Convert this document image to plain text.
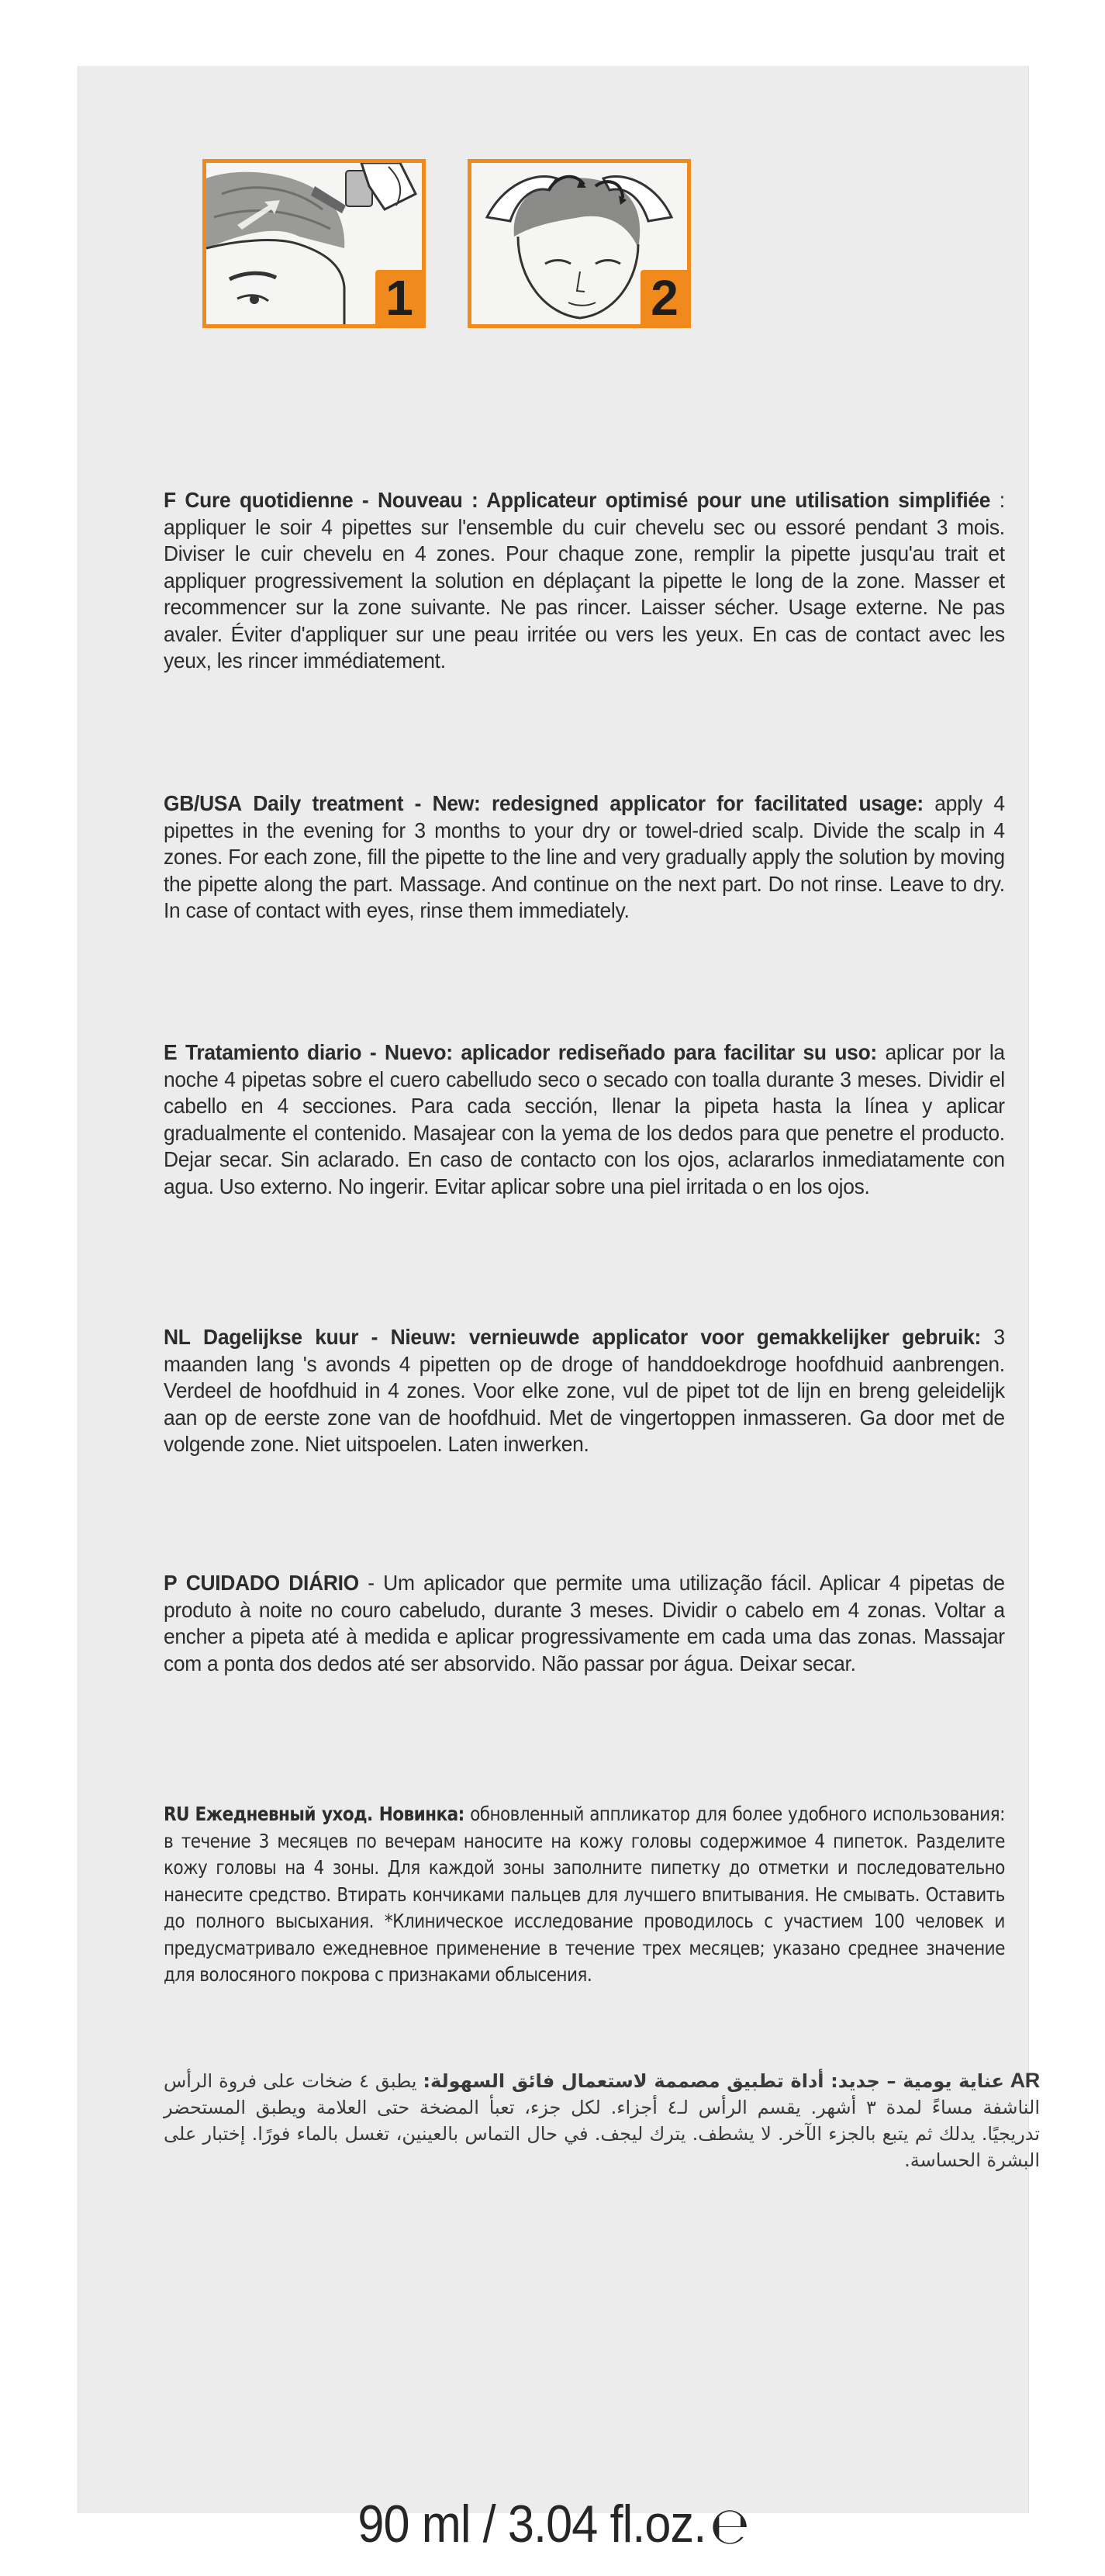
1	2
F Cure quotidienne - Nouveau : Applicateur optimisé pour une utilisation simplifiée : appliquer le soir 4 pipettes sur l'ensemble du cuir chevelu sec ou essoré pendant 3 mois. Diviser le cuir chevelu en 4 zones. Pour chaque zone, remplir la pipette jusqu'au trait et appliquer progressivement la solution en déplaçant la pipette le long de la zone. Masser et recommencer sur la zone suivante. Ne pas rincer. Laisser sécher. Usage externe. Ne pas avaler. Éviter d'appliquer sur une peau irritée ou vers les yeux. En cas de contact avec les yeux, les rincer immédiatement.
GB/USA Daily treatment - New: redesigned applicator for facilitated usage: apply 4 pipettes in the evening for 3 months to your dry or towel-dried scalp. Divide the scalp in 4 zones. For each zone, fill the pipette to the line and very gradually apply the solution by moving the pipette along the part. Massage. And continue on the next part. Do not rinse. Leave to dry. In case of contact with eyes, rinse them immediately.
E Tratamiento diario - Nuevo: aplicador rediseñado para facilitar su uso: aplicar por la noche 4 pipetas sobre el cuero cabelludo seco o secado con toalla durante 3 meses. Dividir el cabello en 4 secciones. Para cada sección, llenar la pipeta hasta la línea y aplicar gradualmente el contenido. Masajear con la yema de los dedos para que penetre el producto. Dejar secar. Sin aclarado. En caso de contacto con los ojos, aclararlos inmediatamente con agua. Uso externo. No ingerir. Evitar aplicar sobre una piel irritada o en los ojos.
NL Dagelijkse kuur - Nieuw: vernieuwde applicator voor gemakkelijker gebruik: 3 maanden lang 's avonds 4 pipetten op de droge of handdoekdroge hoofdhuid aanbrengen. Verdeel de hoofdhuid in 4 zones. Voor elke zone, vul de pipet tot de lijn en breng geleidelijk aan op de eerste zone van de hoofdhuid. Met de vingertoppen inmasseren. Ga door met de volgende zone. Niet uitspoelen. Laten inwerken.
P CUIDADO DIÁRIO - Um aplicador que permite uma utilização fácil. Aplicar 4 pipetas de produto à noite no couro cabeludo, durante 3 meses. Dividir o cabelo em 4 zonas. Voltar a encher a pipeta até à medida e aplicar progressivamente em cada uma das zonas. Massajar com a ponta dos dedos até ser absorvido. Não passar por água. Deixar secar.
RU Ежедневный уход. Новинка: обновленный аппликатор для более удобного использования: в течение 3 месяцев по вечерам наносите на кожу головы содержимое 4 пипеток. Разделите кожу головы на 4 зоны. Для каждой зоны заполните пипетку до отметки и последовательно нанесите средство. Втирать кончиками пальцев для лучшего впитывания. Не смывать. Оставить до полного высыхания. *Клиническое исследование проводилось с участием 100 человек и предусматривало ежедневное применение в течение трех месяцев; указано среднее значение для волосяного покрова с признаками облысения.
AR عناية يومية – جديد: أداة تطبيق مصممة لاستعمال فائق السهولة: يطبق ٤ ضخات على فروة الرأس الناشفة مساءً لمدة ٣ أشهر. يقسم الرأس لـ٤ أجزاء. لكل جزء، تعبأ المضخة حتى العلامة ويطبق المستحضر تدريجيًا. يدلك ثم يتبع بالجزء الآخر. لا يشطف. يترك ليجف. في حال التماس بالعينين، تغسل بالماء فورًا. إختبار على البشرة الحساسة.
90 ml / 3.04 fl.oz.℮
